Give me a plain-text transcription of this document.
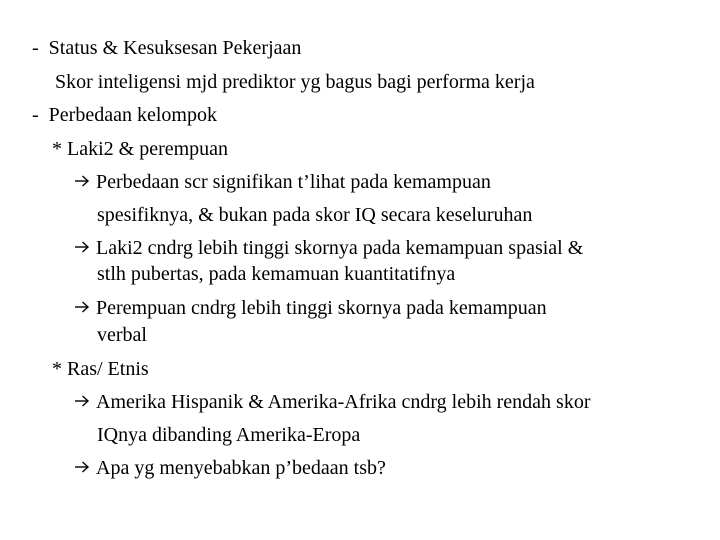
- Status & Kesuksesan Pekerjaan
Skor inteligensi mjd prediktor yg bagus bagi performa kerja
- Perbedaan kelompok
* Laki2 & perempuan
Perbedaan scr signifikan t’lihat pada kemampuan
spesifiknya, & bukan pada skor IQ secara keseluruhan
Laki2 cndrg lebih tinggi skornya pada kemampuan spasial &
stlh pubertas, pada kemamuan kuantitatifnya
Perempuan cndrg lebih tinggi skornya pada kemampuan
verbal
* Ras/ Etnis
Amerika Hispanik & Amerika-Afrika cndrg lebih rendah skor
IQnya dibanding Amerika-Eropa
Apa yg menyebabkan p’bedaan tsb?
